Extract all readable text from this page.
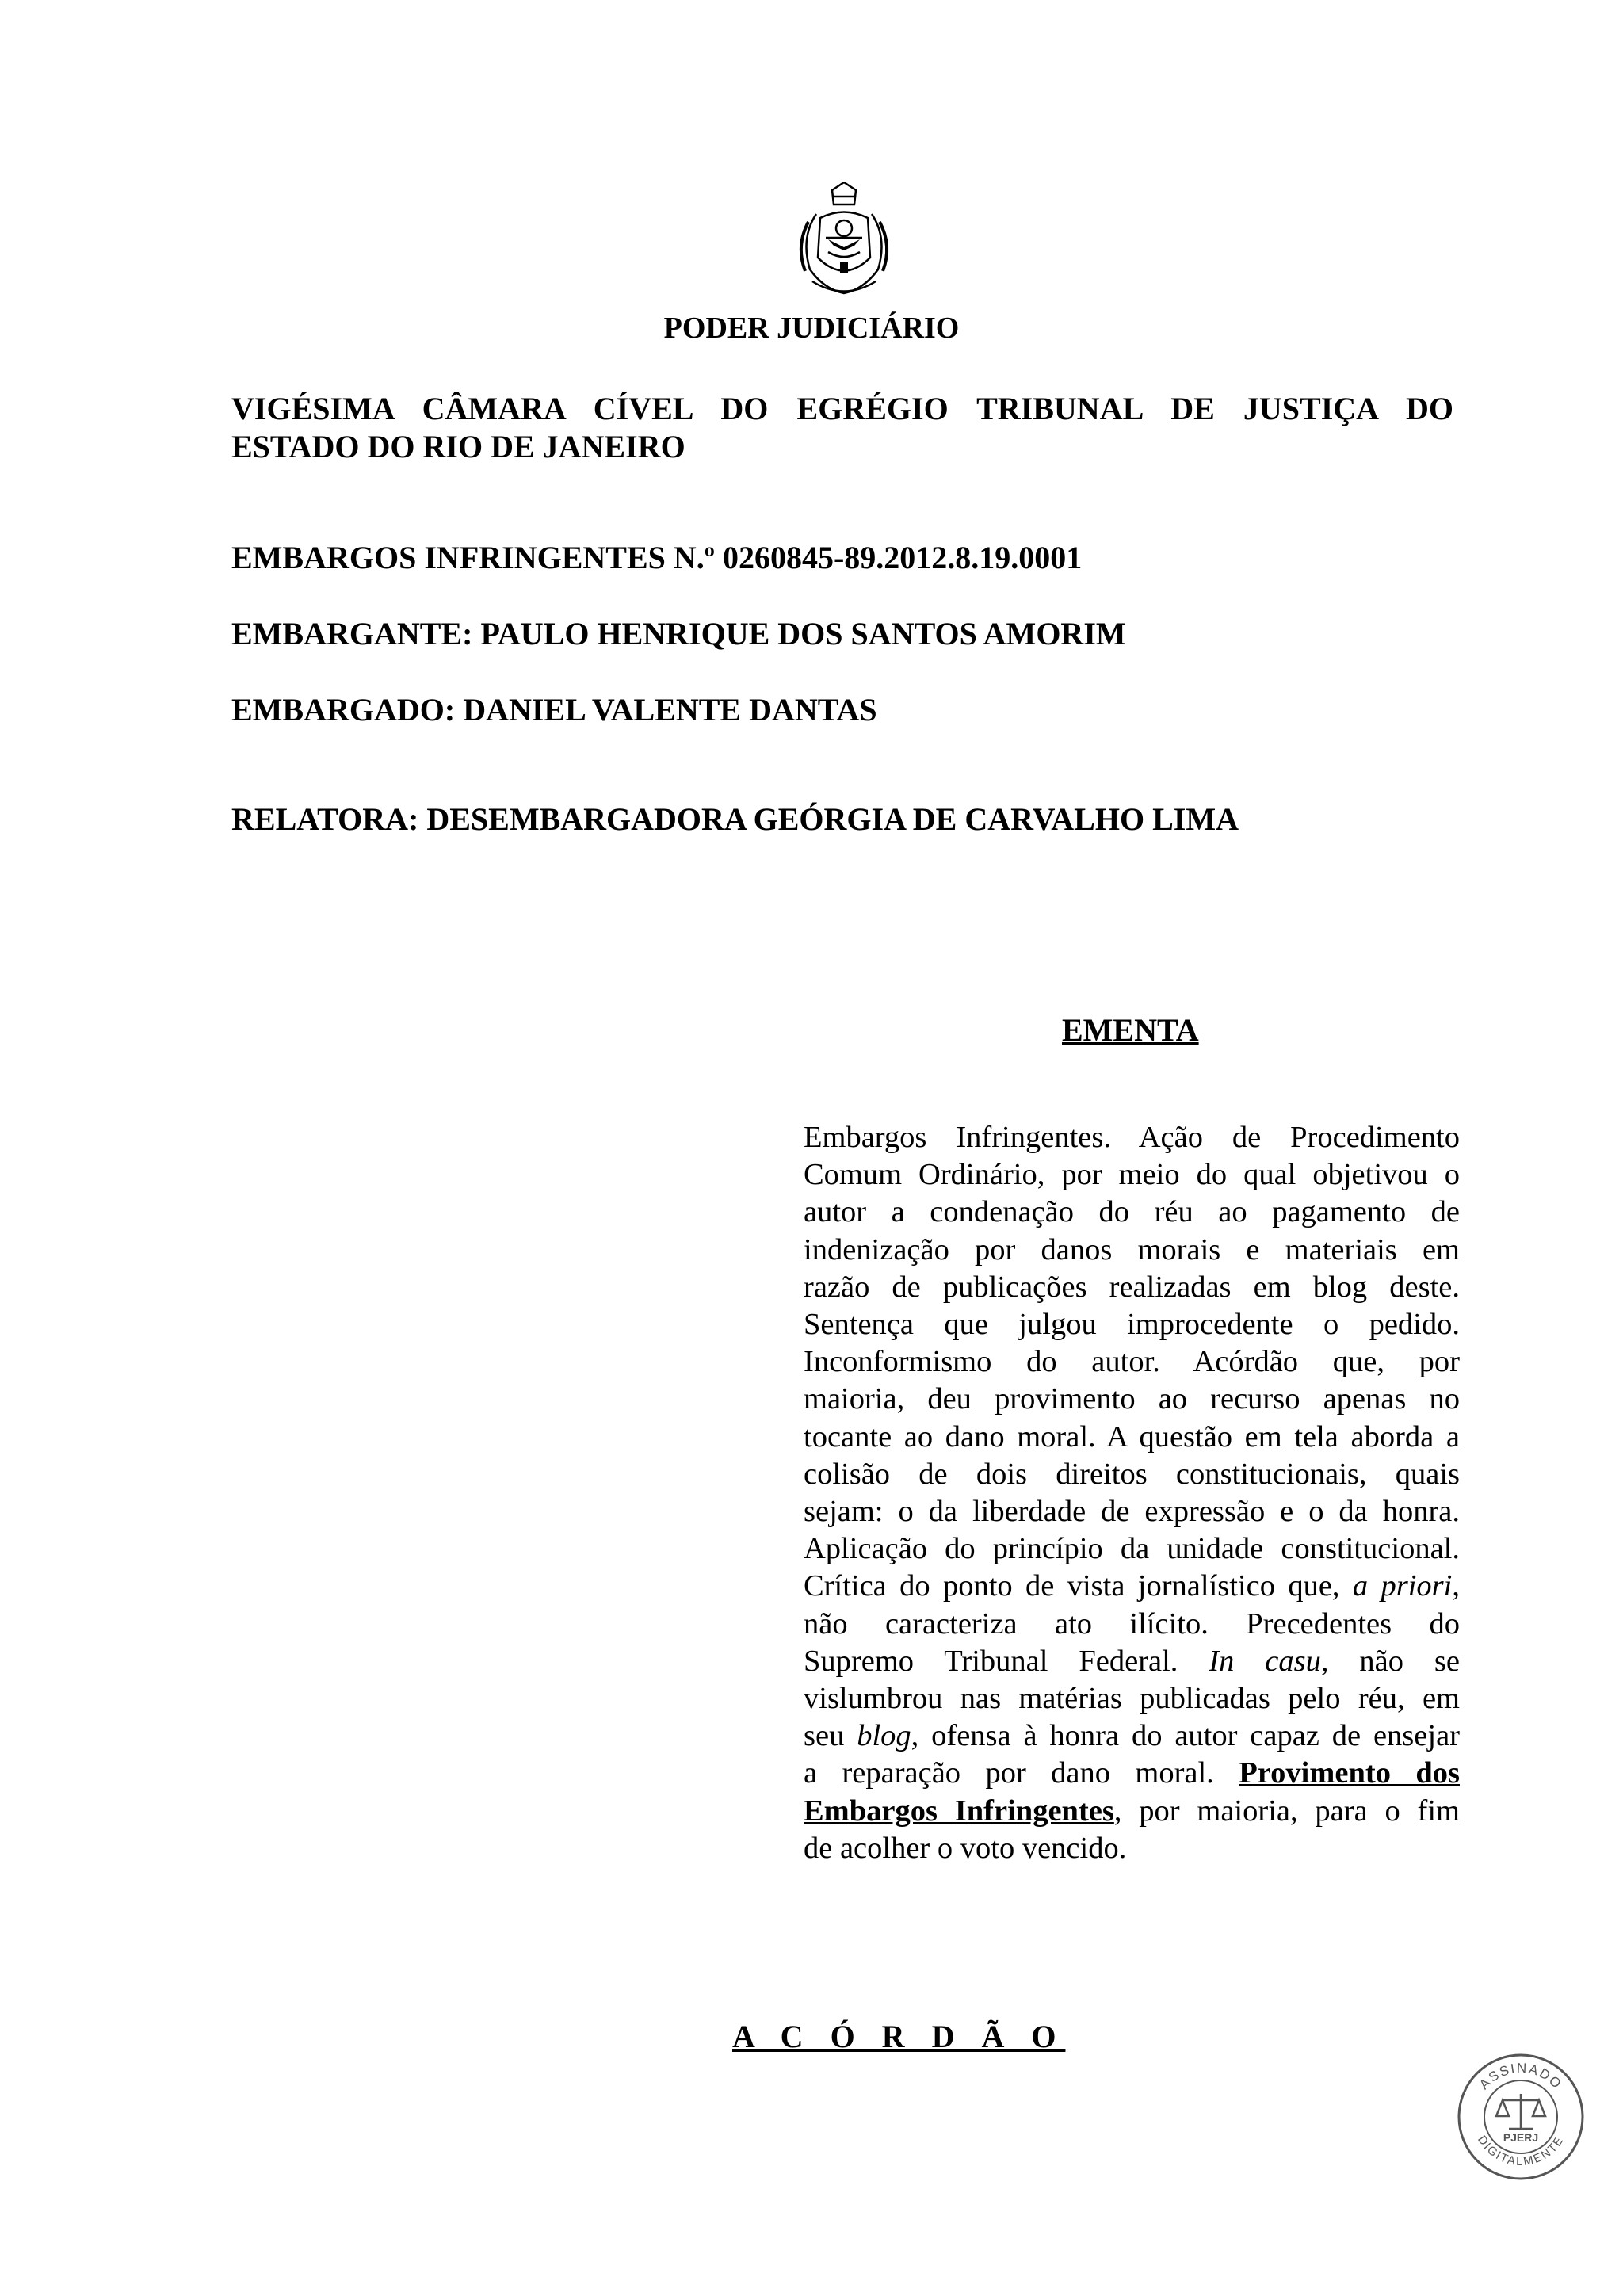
PODER JUDICIÁRIO
VIGÉSIMA CÂMARA CÍVEL DO EGRÉGIO TRIBUNAL DE JUSTIÇA DO
ESTADO DO RIO DE JANEIRO
EMBARGOS INFRINGENTES N.º 0260845-89.2012.8.19.0001
EMBARGANTE: PAULO HENRIQUE DOS SANTOS AMORIM
EMBARGADO: DANIEL VALENTE DANTAS
RELATORA: DESEMBARGADORA GEÓRGIA DE CARVALHO LIMA
EMENTA
Embargos Infringentes. Ação de Procedimento
Comum Ordinário, por meio do qual objetivou o
autor a condenação do réu ao pagamento de
indenização por danos morais e materiais em
razão de publicações realizadas em blog deste.
Sentença que julgou improcedente o pedido.
Inconformismo do autor. Acórdão que, por
maioria, deu provimento ao recurso apenas no
tocante ao dano moral. A questão em tela aborda a
colisão de dois direitos constitucionais, quais
sejam: o da liberdade de expressão e o da honra.
Aplicação do princípio da unidade constitucional.
Crítica do ponto de vista jornalístico que, a priori,
não caracteriza ato ilícito. Precedentes do
Supremo Tribunal Federal. In casu, não se
vislumbrou nas matérias publicadas pelo réu, em
seu blog, ofensa à honra do autor capaz de ensejar
a reparação por dano moral. Provimento dos
Embargos Infringentes, por maioria, para o fim
de acolher o voto vencido.
A C Ó R D Ã O
ASSINADO
DIGITALMENTE
PJERJ
